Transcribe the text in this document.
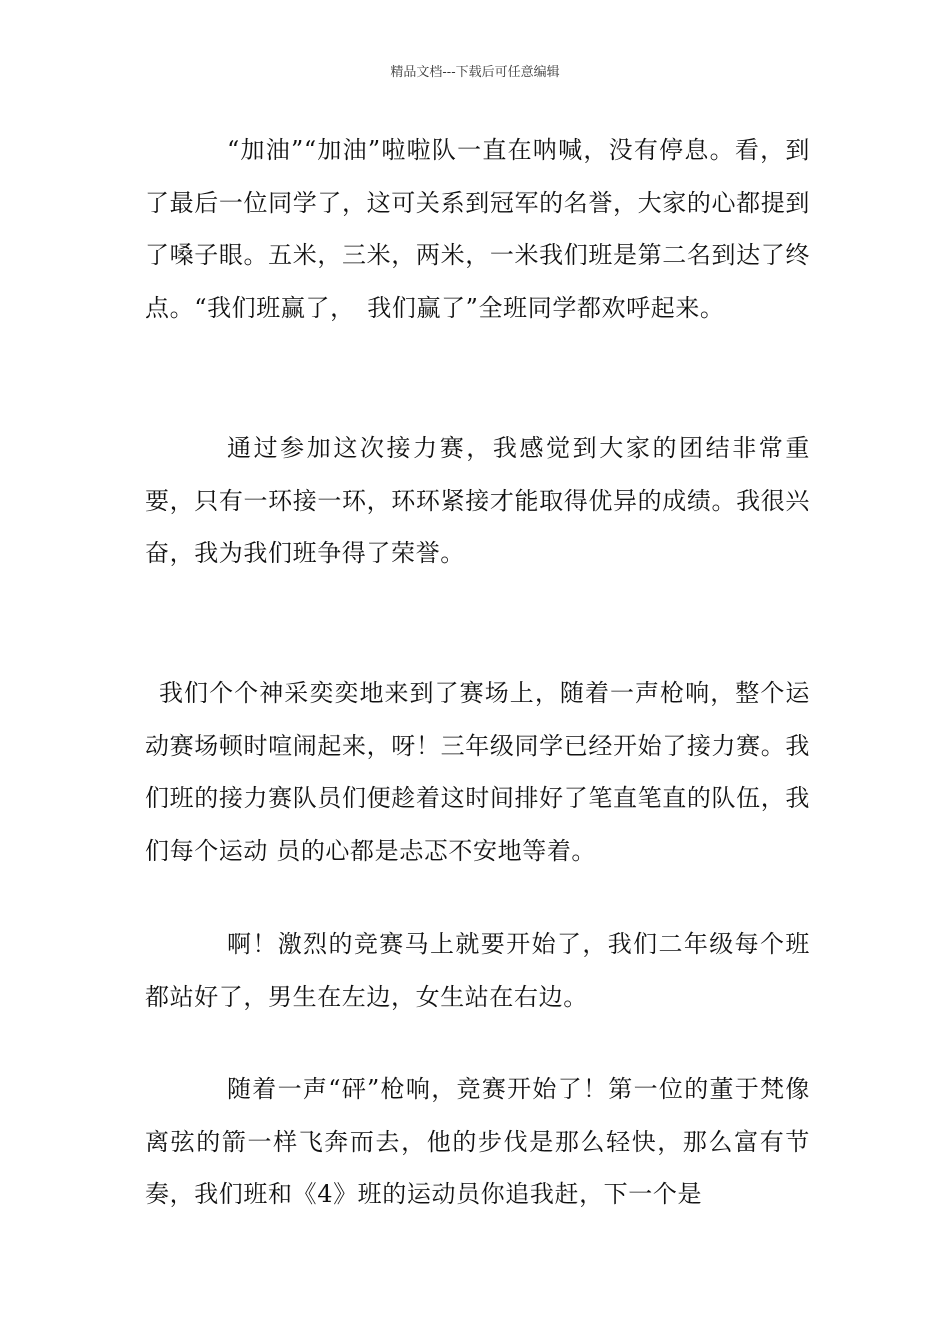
精品文档---下载后可任意编辑

“加油”“加油”啦啦队一直在呐喊，没有停息。看，到了最后一位同学了，这可关系到冠军的名誉，大家的心都提到了嗓子眼。五米，三米，两米，一米我们班是第二名到达了终点。“我们班赢了，　我们赢了”全班同学都欢呼起来。

通过参加这次接力赛，我感觉到大家的团结非常重要，只有一环接一环，环环紧接才能取得优异的成绩。我很兴奋，我为我们班争得了荣誉。

我们个个神采奕奕地来到了赛场上，随着一声枪响，整个运动赛场顿时喧闹起来，呀！三年级同学已经开始了接力赛。我们班的接力赛队员们便趁着这时间排好了笔直笔直的队伍，我们每个运动 员的心都是忐忑不安地等着。

啊！激烈的竞赛马上就要开始了，我们二年级每个班都站好了，男生在左边，女生站在右边。

随着一声“砰”枪响，竞赛开始了！第一位的董于梵像离弦的箭一样飞奔而去，他的步伐是那么轻快，那么富有节奏，我们班和《4》班的运动员你追我赶，下一个是
